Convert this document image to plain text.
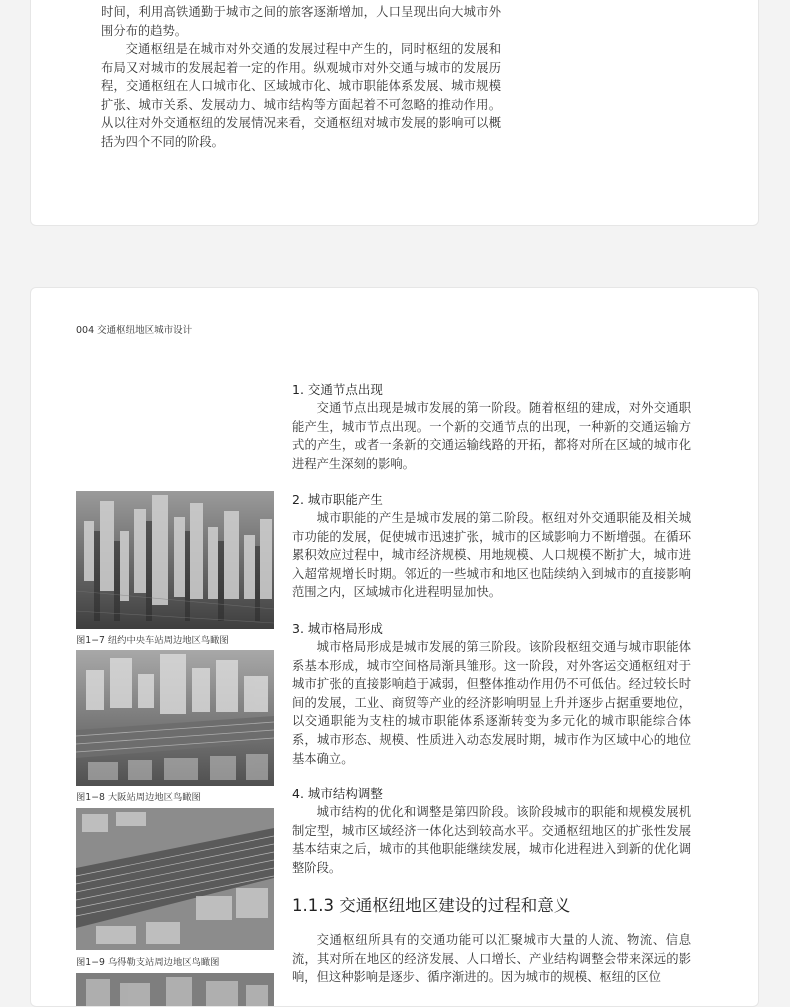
时间，利用高铁通勤于城市之间的旅客逐渐增加，人口呈现出向大城市外围分布的趋势。

交通枢纽是在城市对外交通的发展过程中产生的，同时枢纽的发展和布局又对城市的发展起着一定的作用。纵观城市对外交通与城市的发展历程，交通枢纽在人口城市化、区域城市化、城市职能体系发展、城市规模扩张、城市关系、发展动力、城市结构等方面起着不可忽略的推动作用。从以往对外交通枢纽的发展情况来看，交通枢纽对城市发展的影响可以概括为四个不同的阶段。

004 交通枢纽地区城市设计
1. 交通节点出现

交通节点出现是城市发展的第一阶段。随着枢纽的建成，对外交通职能产生，城市节点出现。一个新的交通节点的出现，一种新的交通运输方式的产生，或者一条新的交通运输线路的开拓，都将对所在区域的城市化进程产生深刻的影响。

2. 城市职能产生

城市职能的产生是城市发展的第二阶段。枢纽对外交通职能及相关城市功能的发展，促使城市迅速扩张，城市的区域影响力不断增强。在循环累积效应过程中，城市经济规模、用地规模、人口规模不断扩大，城市进入超常规增长时期。邻近的一些城市和地区也陆续纳入到城市的直接影响范围之内，区域城市化进程明显加快。

3. 城市格局形成

城市格局形成是城市发展的第三阶段。该阶段枢纽交通与城市职能体系基本形成，城市空间格局渐具雏形。这一阶段，对外客运交通枢纽对于城市扩张的直接影响趋于减弱，但整体推动作用仍不可低估。经过较长时间的发展，工业、商贸等产业的经济影响明显上升并逐步占据重要地位，以交通职能为支柱的城市职能体系逐渐转变为多元化的城市职能综合体系，城市形态、规模、性质进入动态发展时期，城市作为区域中心的地位基本确立。

4. 城市结构调整

城市结构的优化和调整是第四阶段。该阶段城市的职能和规模发展机制定型，城市区域经济一体化达到较高水平。交通枢纽地区的扩张性发展基本结束之后，城市的其他职能继续发展，城市化进程进入到新的优化调整阶段。

1.1.3 交通枢纽地区建设的过程和意义

交通枢纽所具有的交通功能可以汇聚城市大量的人流、物流、信息流，其对所在地区的经济发展、人口增长、产业结构调整会带来深远的影响，但这种影响是逐步、循序渐进的。因为城市的规模、枢纽的区位

图1−7 纽约中央车站周边地区鸟瞰图
图1−8 大阪站周边地区鸟瞰图
图1−9 乌得勒支站周边地区鸟瞰图
